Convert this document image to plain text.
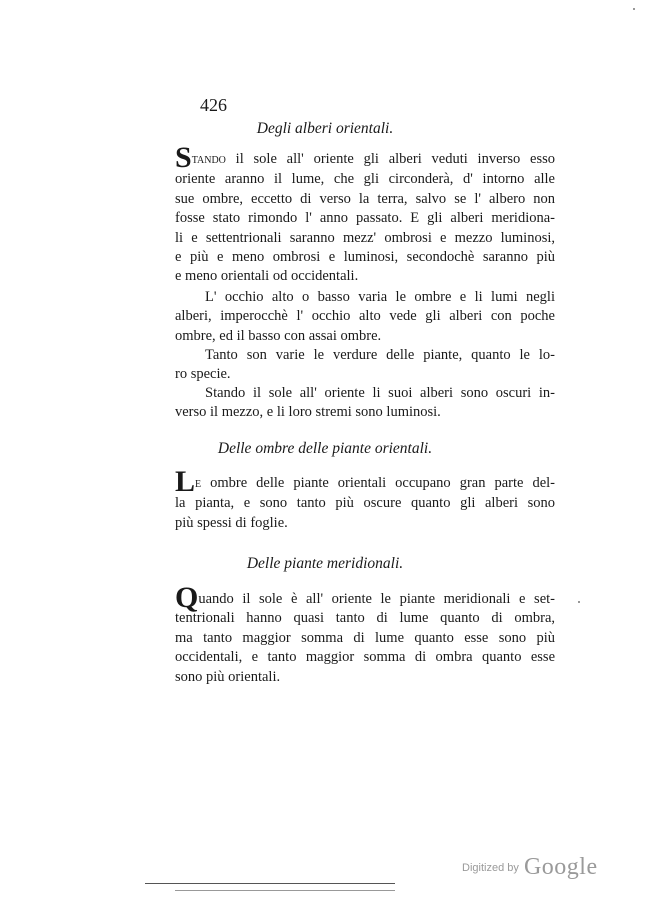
426
Degli alberi orientali.
STANDO il sole all' oriente gli alberi veduti inverso esso
oriente aranno il lume, che gli circonderà, d' intorno alle
sue ombre, eccetto di verso la terra, salvo se l' albero non
fosse stato rimondo l' anno passato. E gli alberi meridiona-
li e settentrionali saranno mezz' ombrosi e mezzo luminosi,
e più e meno ombrosi e luminosi, secondochè saranno più
e meno orientali od occidentali.
L' occhio alto o basso varia le ombre e li lumi negli
alberi, imperocchè l' occhio alto vede gli alberi con poche
ombre, ed il basso con assai ombre.
Tanto son varie le verdure delle piante, quanto le lo-
ro specie.
Stando il sole all' oriente li suoi alberi sono oscuri in-
verso il mezzo, e li loro stremi sono luminosi.
Delle ombre delle piante orientali.
LE ombre delle piante orientali occupano gran parte del-
la pianta, e sono tanto più oscure quanto gli alberi sono
più spessi di foglie.
Delle piante meridionali.
Quando il sole è all' oriente le piante meridionali e set-
tentrionali hanno quasi tanto di lume quanto di ombra,
ma tanto maggior somma di lume quanto esse sono più
occidentali, e tanto maggior somma di ombra quanto esse
sono più orientali.
Digitized by Google
